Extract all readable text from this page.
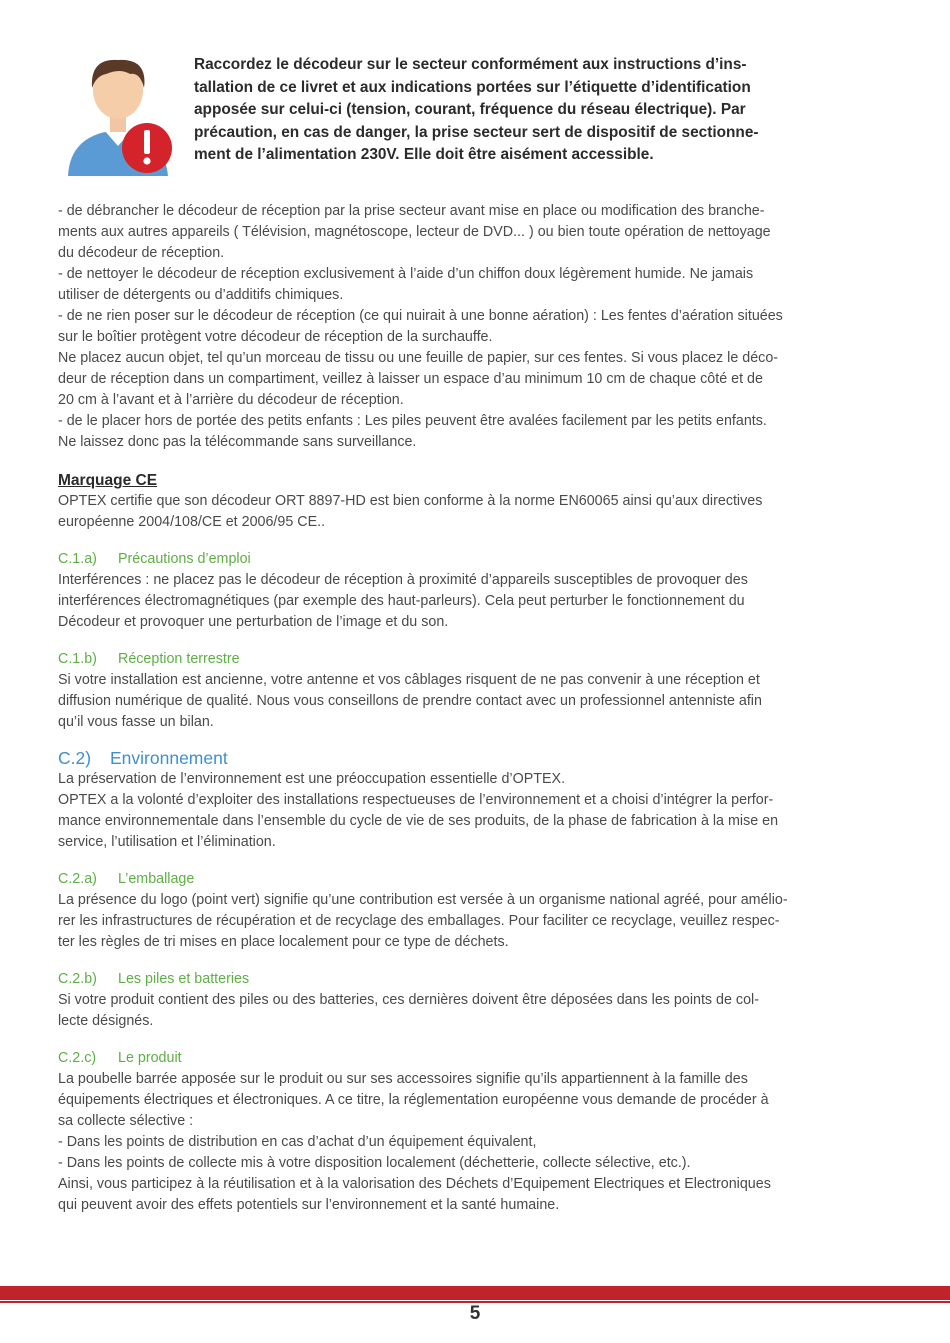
Raccordez le décodeur sur le secteur conformément aux instructions d’ins-
tallation de ce livret et aux indications portées sur l’étiquette d’identification
apposée sur celui-ci (tension, courant, fréquence du réseau électrique). Par
précaution, en cas de danger, la prise secteur sert de dispositif de sectionne-
ment de l’alimentation 230V. Elle doit être aisément accessible.

- de débrancher le décodeur de réception par la prise secteur avant mise en place ou modification des branche-
ments aux autres appareils ( Télévision, magnétoscope, lecteur de DVD... ) ou bien toute opération de nettoyage
du décodeur de réception.
- de nettoyer le décodeur de réception exclusivement à l’aide d’un chiffon doux légèrement humide. Ne jamais
utiliser de détergents ou d’additifs chimiques.
- de ne rien poser sur le décodeur de réception (ce qui nuirait à une bonne aération) : Les fentes d’aération situées
sur le boîtier protègent votre décodeur de réception de la surchauffe.
Ne placez aucun objet, tel qu’un morceau de tissu ou une feuille de papier, sur ces fentes. Si vous placez le déco-
deur de réception dans un compartiment, veillez à laisser un espace d’au minimum 10 cm de chaque côté et de
20 cm à l’avant et à l’arrière du décodeur de réception.
- de le placer hors de portée des petits enfants : Les piles peuvent être avalées facilement par les petits enfants.
Ne laissez donc pas la télécommande sans surveillance.

Marquage CE

OPTEX certifie que son décodeur ORT 8897-HD est bien conforme à la norme EN60065 ainsi qu’aux directives
européenne 2004/108/CE et 2006/95 CE..

C.1.a) Précautions d’emploi

Interférences : ne placez pas le décodeur de réception à proximité d’appareils susceptibles de provoquer des
interférences électromagnétiques (par exemple des haut-parleurs). Cela peut perturber le fonctionnement du
Décodeur et provoquer une perturbation de l’image et du son.

C.1.b) Réception terrestre

Si votre installation est ancienne, votre antenne et vos câblages risquent de ne pas convenir à une réception et
diffusion numérique de qualité. Nous vous conseillons de prendre contact avec un professionnel antenniste afin
qu’il vous fasse un bilan.

C.2) Environnement

La préservation de l’environnement est une préoccupation essentielle d’OPTEX.
OPTEX a la volonté d’exploiter des installations respectueuses de l’environnement et a choisi d’intégrer la perfor-
mance environnementale dans l’ensemble du cycle de vie de ses produits, de la phase de fabrication à la mise en
service, l’utilisation et l’élimination.

C.2.a) L’emballage

La présence du logo (point vert) signifie qu’une contribution est versée à un organisme national agréé, pour amélio-
rer les infrastructures de récupération et de recyclage des emballages. Pour faciliter ce recyclage, veuillez respec-
ter les règles de tri mises en place localement pour ce type de déchets.

C.2.b) Les piles et batteries

Si votre produit contient des piles ou des batteries, ces dernières doivent être déposées dans les points de col-
lecte désignés.

C.2.c) Le produit

La poubelle barrée apposée sur le produit ou sur ses accessoires signifie qu’ils appartiennent à la famille des
équipements électriques et électroniques. A ce titre, la réglementation européenne vous demande de procéder à
sa collecte sélective :
- Dans les points de distribution en cas d’achat d’un équipement équivalent,
- Dans les points de collecte mis à votre disposition localement (déchetterie, collecte sélective, etc.).
Ainsi, vous participez à la réutilisation et à la valorisation des Déchets d’Equipement Electriques et Electroniques
qui peuvent avoir des effets potentiels sur l’environnement et la santé humaine.

5
